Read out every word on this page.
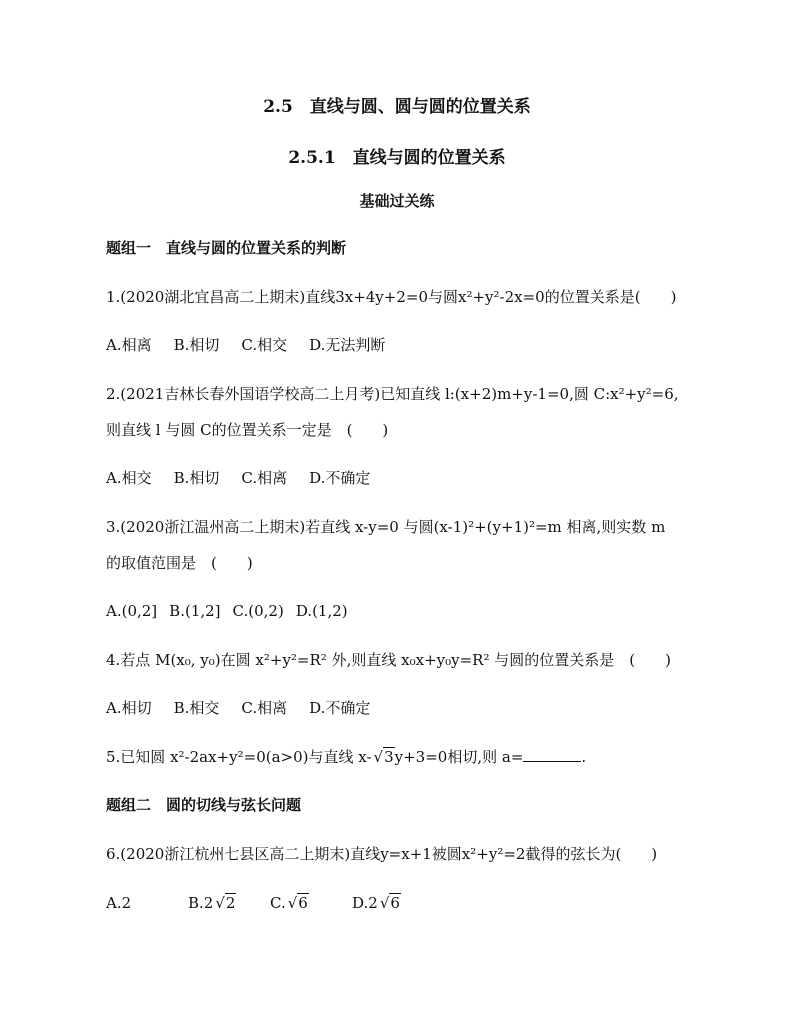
2.5　直线与圆、圆与圆的位置关系
2.5.1　直线与圆的位置关系
基础过关练
题组一　直线与圆的位置关系的判断
1.(2020湖北宜昌高二上期末)直线3x+4y+2=0与圆x²+y²-2x=0的位置关系是(　　)
A.相离 B.相切 C.相交 D.无法判断
2.(2021吉林长春外国语学校高二上月考)已知直线 l:(x+2)m+y-1=0,圆 C:x²+y²=6,
则直线 l 与圆 C的位置关系一定是　(　　)
A.相交 B.相切 C.相离 D.不确定
3.(2020浙江温州高二上期末)若直线 x-y=0 与圆(x-1)²+(y+1)²=m 相离,则实数 m
的取值范围是　(　　)
A.(0,2] B.(1,2] C.(0,2) D.(1,2)
4.若点 M(x₀, y₀)在圆 x²+y²=R² 外,则直线 x₀x+y₀y=R² 与圆的位置关系是　(　　)
A.相切 B.相交 C.相离 D.不确定
5.已知圆 x²-2ax+y²=0(a>0)与直线 x- √3y+3=0相切,则 a=	.
题组二　圆的切线与弦长问题
6.(2020浙江杭州七县区高二上期末)直线y=x+1被圆x²+y²=2截得的弦长为(　　)
A.2	B.2 √2 C. √6	D.2 √6
